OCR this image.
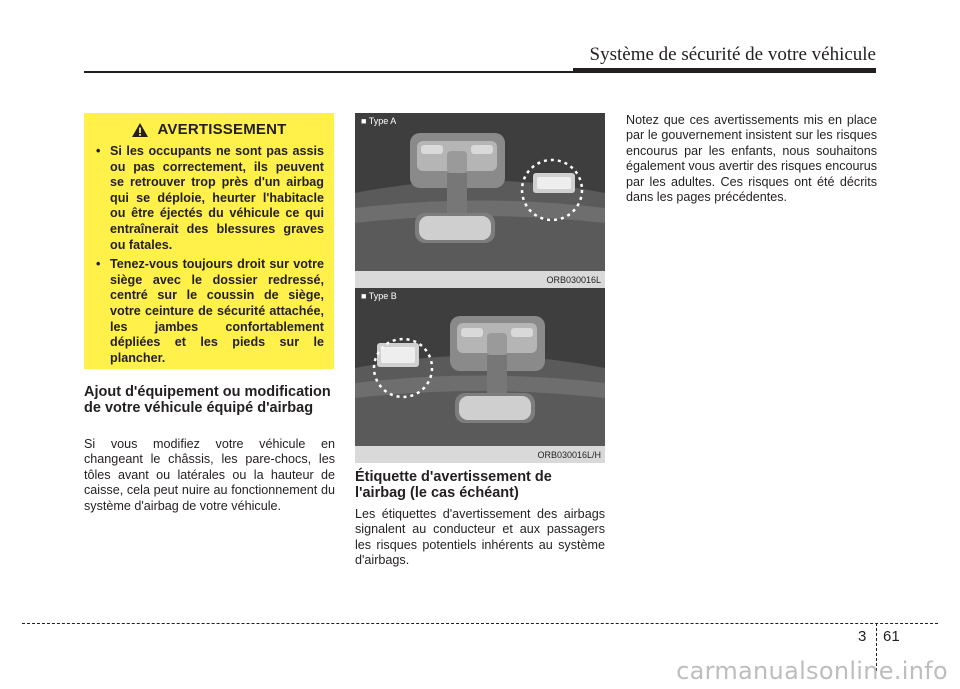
Système de sécurité de votre véhicule
AVERTISSEMENT
• Si les occupants ne sont pas assis ou pas correctement, ils peuvent se retrouver trop près d'un airbag qui se déploie, heurter l'habitacle ou être éjectés du véhicule ce qui entraînerait des blessures graves ou fatales.
• Tenez-vous toujours droit sur votre siège avec le dossier redressé, centré sur le coussin de siège, votre ceinture de sécurité attachée, les jambes confortablement dépliées et les pieds sur le plancher.
Ajout d'équipement ou modification de votre véhicule équipé d'airbag
Si vous modifiez votre véhicule en changeant le châssis, les pare-chocs, les tôles avant ou latérales ou la hauteur de caisse, cela peut nuire au fonctionnement du système d'airbag de votre véhicule.
■ Type A
ORB030016L
■ Type B
ORB030016L/H
Étiquette d'avertissement de l'airbag (le cas échéant)
Les étiquettes d'avertissement des airbags signalent au conducteur et aux passagers les risques potentiels inhérents au système d'airbags.
Notez que ces avertissements mis en place par le gouvernement insistent sur les risques encourus par les enfants, nous souhaitons également vous avertir des risques encourus par les adultes. Ces risques ont été décrits dans les pages précédentes.
3 61
carmanualsonline.info
